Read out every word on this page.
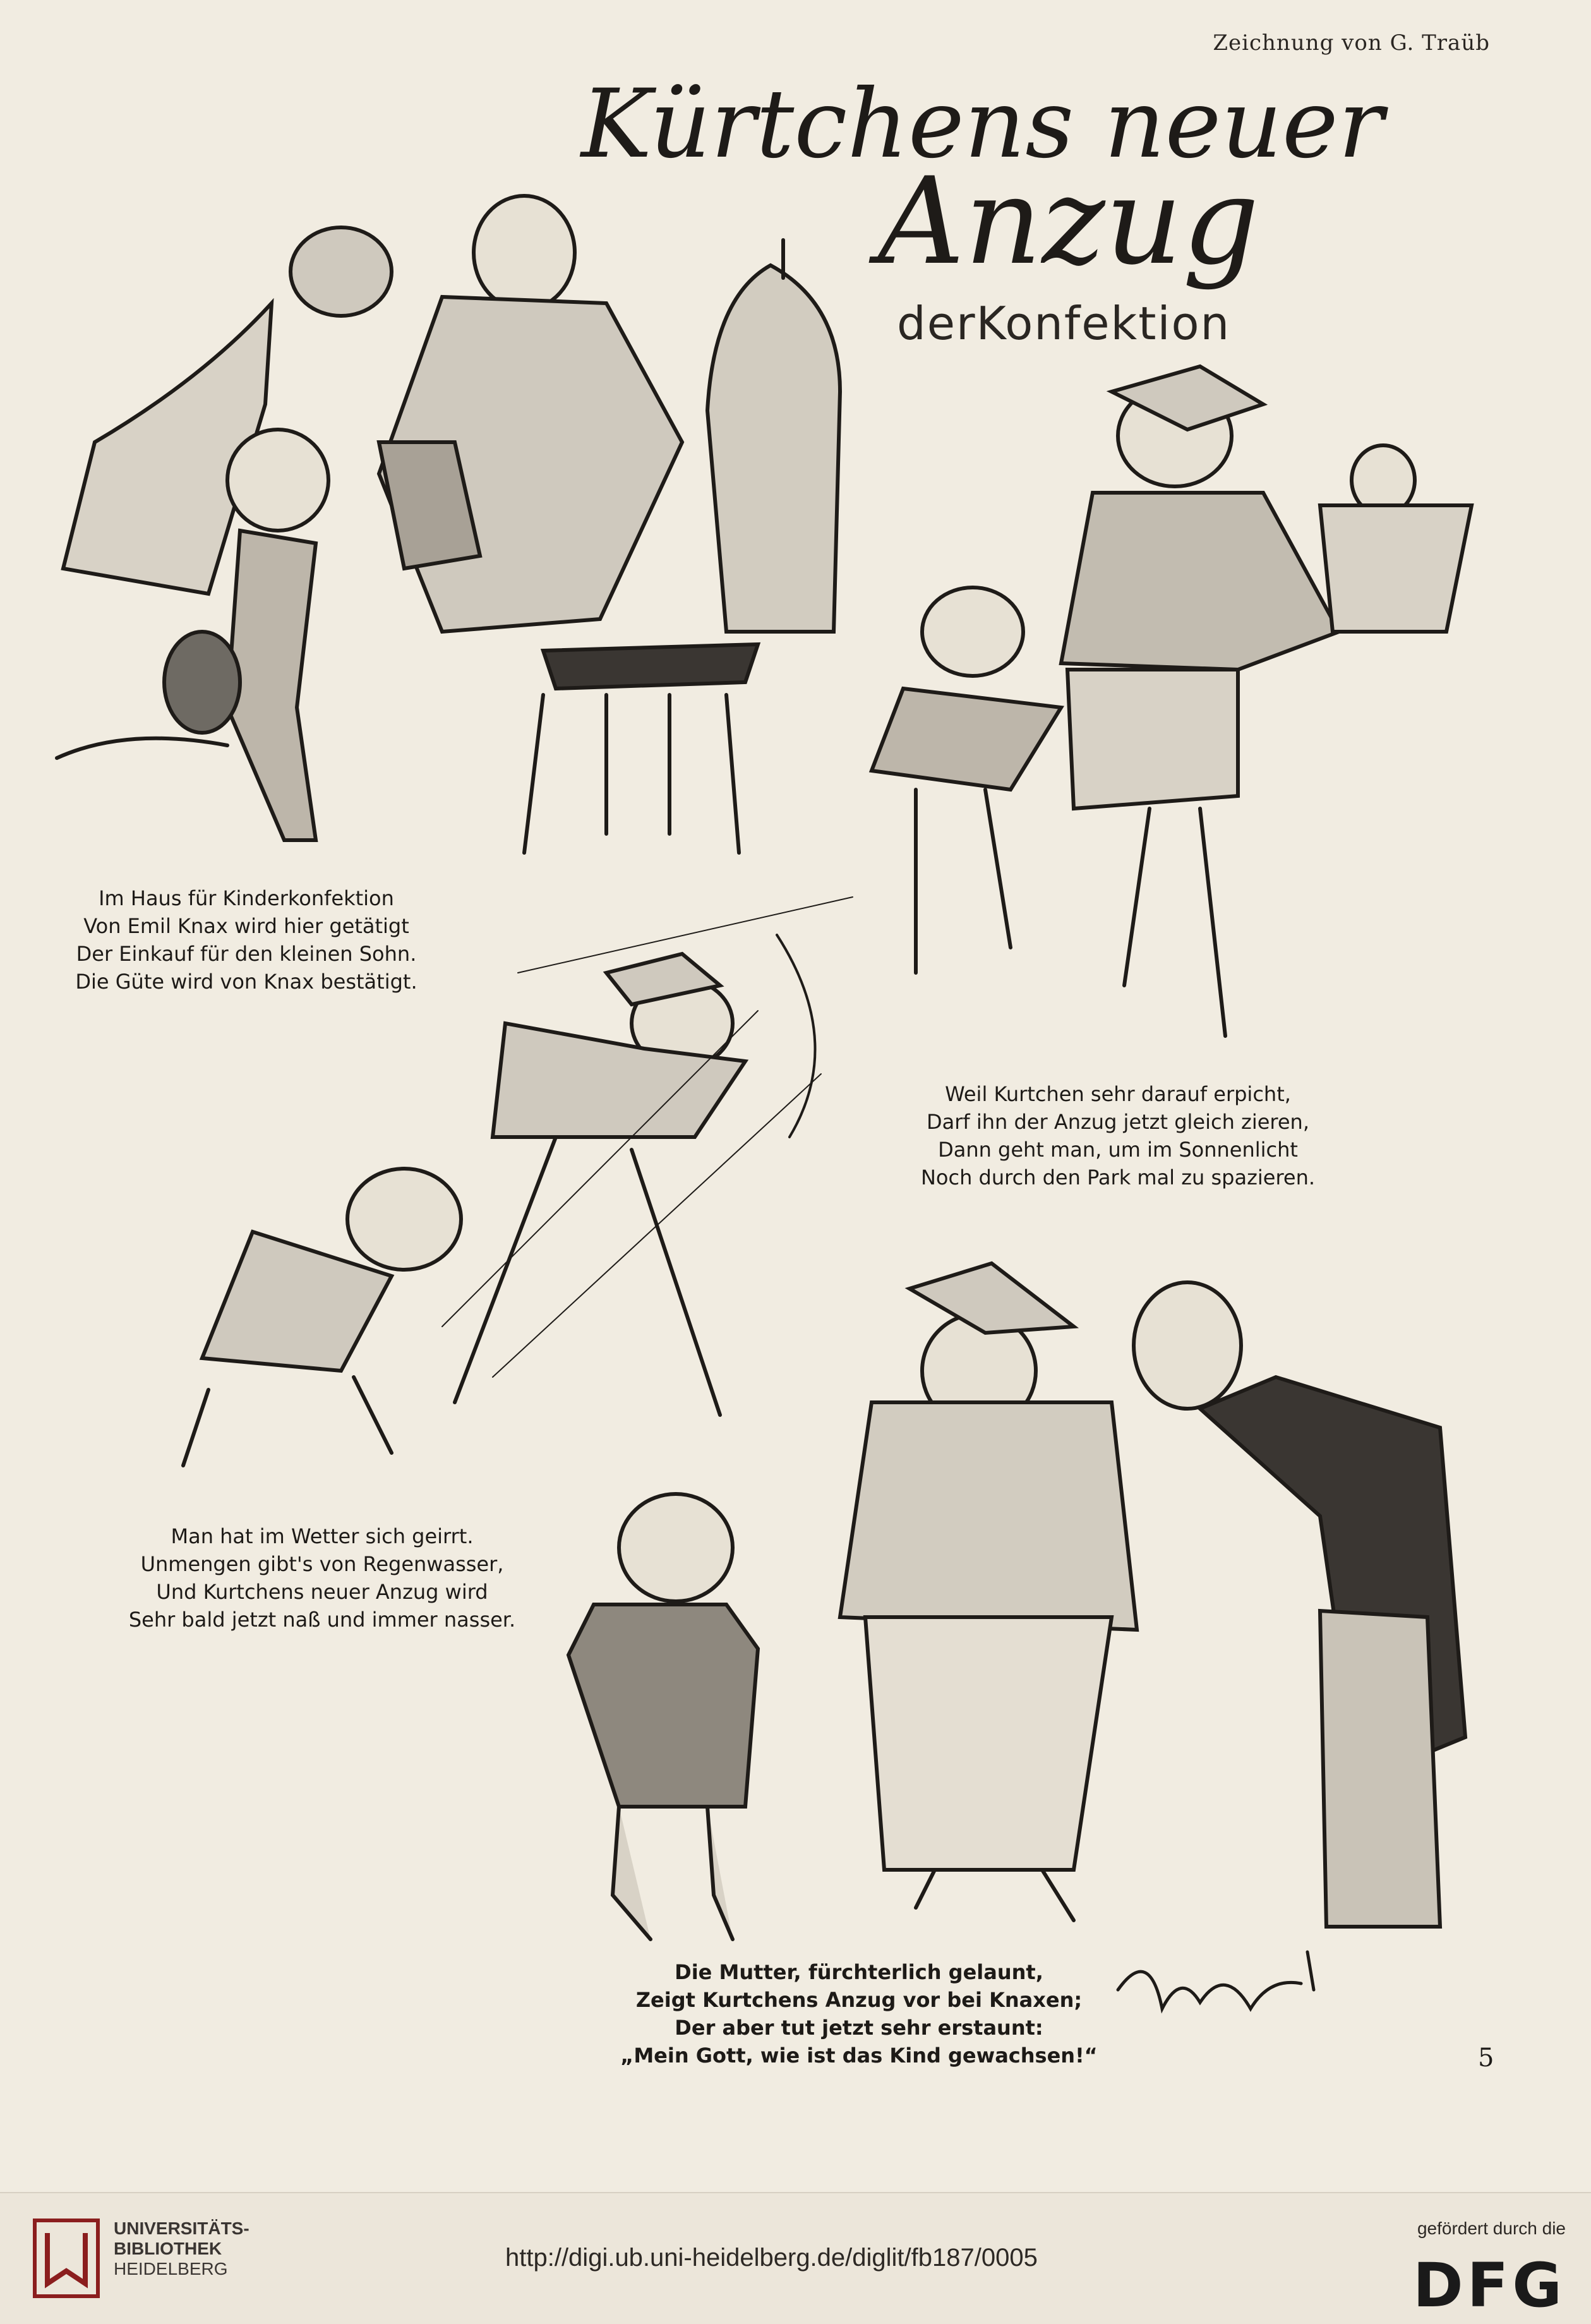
Zeichnung von G. Traüb
Kürtchens neuer
Anzug
derKonfektion
Im Haus für Kinderkonfektion
Von Emil Knax wird hier getätigt
Der Einkauf für den kleinen Sohn.
Die Güte wird von Knax bestätigt.
Weil Kurtchen sehr darauf erpicht,
Darf ihn der Anzug jetzt gleich zieren,
Dann geht man, um im Sonnenlicht
Noch durch den Park mal zu spazieren.
Man hat im Wetter sich geirrt.
Unmengen gibt's von Regenwasser,
Und Kurtchens neuer Anzug wird
Sehr bald jetzt naß und immer nasser.
Die Mutter, fürchterlich gelaunt,
Zeigt Kurtchens Anzug vor bei Knaxen;
Der aber tut jetzt sehr erstaunt:
„Mein Gott, wie ist das Kind gewachsen!“	5
UNIVERSITÄTS-
BIBLIOTHEK
HEIDELBERG	http://digi.ub.uni-heidelberg.de/diglit/fb187/0005
gefördert durch die
DFG
